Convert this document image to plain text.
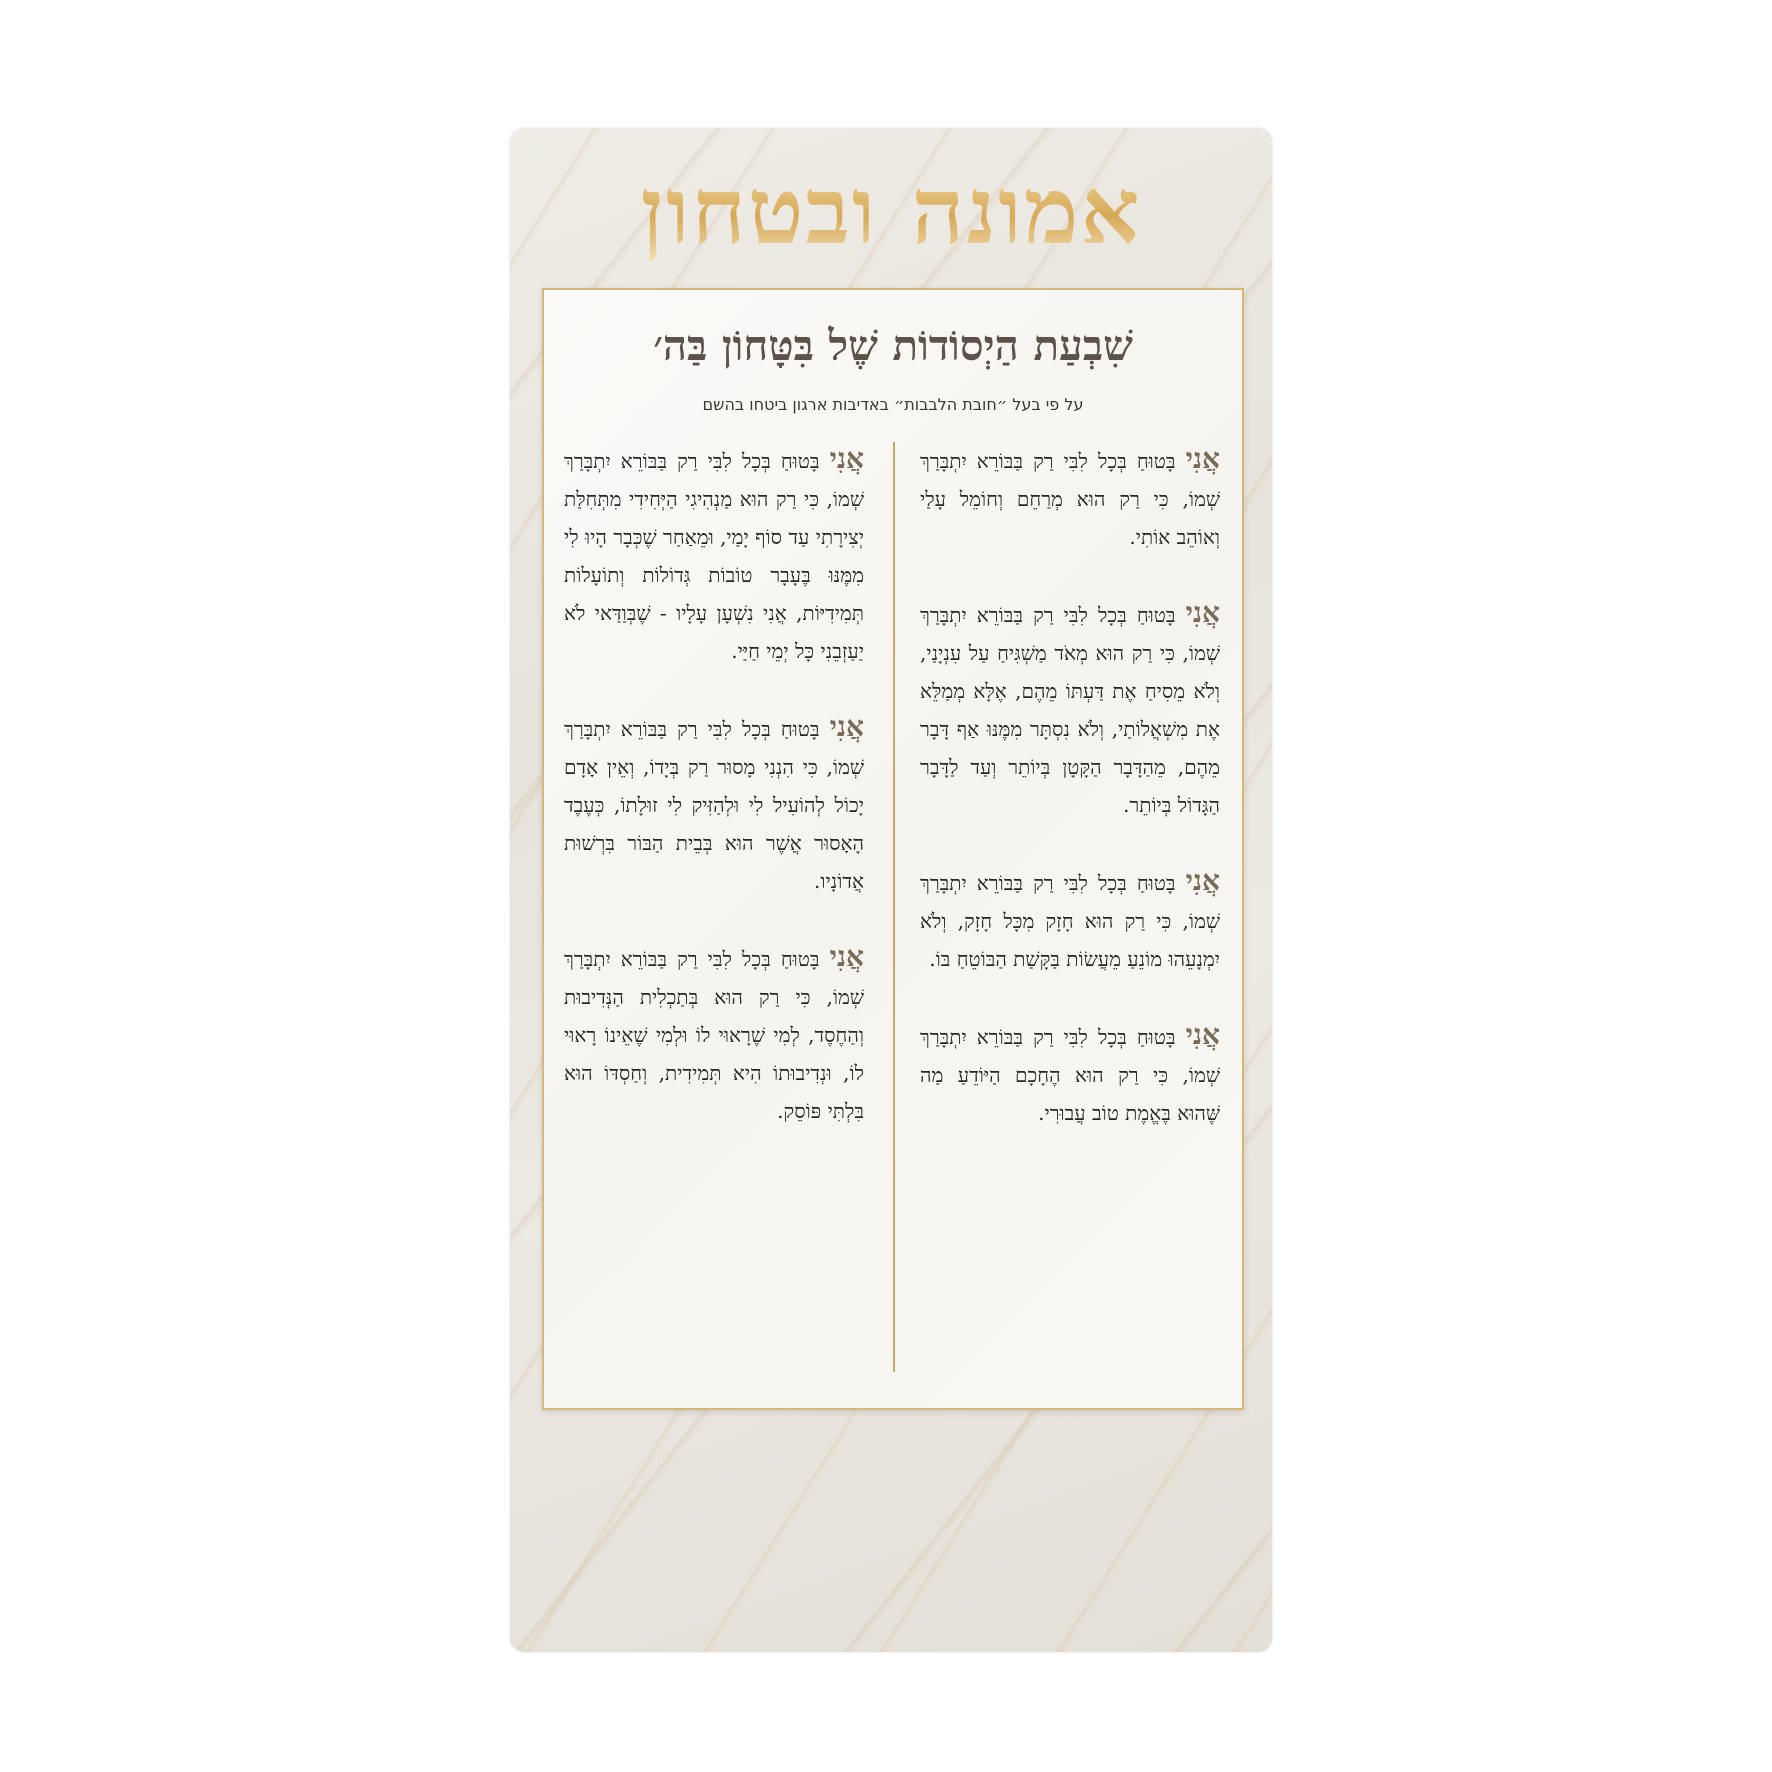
אמונה ובטחון
שִׁבְעַת הַיְסוֹדוֹת שֶׁל בִּטָּחוֹן בַּה׳
על פי בעל ״חובת הלבבות״ באדיבות ארגון ביטחו בהשם

אֲנִי בָּטוּחַ בְּכָל לִבִּי רַק בַּבּוֹרֵא יִתְבָּרַךְ שְׁמוֹ, כִּי רַק הוּא מְרַחֵם וְחוֹמֵל עָלַי וְאוֹהֵב אוֹתִי.

אֲנִי בָּטוּחַ בְּכָל לִבִּי רַק בַּבּוֹרֵא יִתְבָּרַךְ שְׁמוֹ, כִּי רַק הוּא מְאֹד מַשְׁגִּיחַ עַל עִנְיָנַי, וְלֹא מֵסִיחַ אֶת דַּעְתּוֹ מֵהֶם, אֶלָּא מְמַלֵּא אֶת מִשְׁאֲלוֹתַי, וְלֹא נִסְתָּר מִמֶּנּוּ אַף דָּבָר מֵהֶם, מֵהַדָּבָר הַקָּטָן בְּיוֹתֵר וְעַד לַדָּבָר הַגָּדוֹל בְּיוֹתֵר.

אֲנִי בָּטוּחַ בְּכָל לִבִּי רַק בַּבּוֹרֵא יִתְבָּרַךְ שְׁמוֹ, כִּי רַק הוּא חָזָק מִכָּל חָזָק, וְלֹא יִמְנָעֵהוּ מוֹנֵעַ מֵעֲשׂוֹת בַּקָּשַׁת הַבּוֹטֵחַ בּוֹ.

אֲנִי בָּטוּחַ בְּכָל לִבִּי רַק בַּבּוֹרֵא יִתְבָּרַךְ שְׁמוֹ, כִּי רַק הוּא הֶחָכָם הַיּוֹדֵעַ מַה שֶּׁהוּא בֶּאֱמֶת טוֹב עֲבוּרִי.

אֲנִי בָּטוּחַ בְּכָל לִבִּי רַק בַּבּוֹרֵא יִתְבָּרַךְ שְׁמוֹ, כִּי רַק הוּא מַנְהִיגִי הַיְּחִידִי מִתְּחִלַּת יְצִירָתִי עַד סוֹף יָמַי, וּמֵאַחַר שֶׁכְּבָר הָיוּ לִי מִמֶּנּוּ בֶּעָבָר טוֹבוֹת גְּדוֹלוֹת וְתוֹעָלוֹת תְּמִידִיּוֹת, אֲנִי נִשְׁעָן עָלָיו - שֶׁבְּוַדַּאי לֹא יַעַזְבֵנִי כָּל יְמֵי חַיַּי.

אֲנִי בָּטוּחַ בְּכָל לִבִּי רַק בַּבּוֹרֵא יִתְבָּרַךְ שְׁמוֹ, כִּי הִנְנִי מָסוּר רַק בְּיָדוֹ, וְאֵין אָדָם יָכוֹל לְהוֹעִיל לִי וּלְהַזִּיק לִי זוּלָתוֹ, כְּעֶבֶד הָאָסוּר אֲשֶׁר הוּא בְּבֵית הַבּוֹר בִּרְשׁוּת אֲדוֹנָיו.

אֲנִי בָּטוּחַ בְּכָל לִבִּי רַק בַּבּוֹרֵא יִתְבָּרַךְ שְׁמוֹ, כִּי רַק הוּא בְּתַכְלִית הַנְּדִיבוּת וְהַחֶסֶד, לְמִי שֶׁרָאוּי לוֹ וּלְמִי שֶׁאֵינוֹ רָאוּי לוֹ, וּנְדִיבוּתוֹ הִיא תְּמִידִית, וְחַסְדּוֹ הוּא בִּלְתִּי פּוֹסֵק.
